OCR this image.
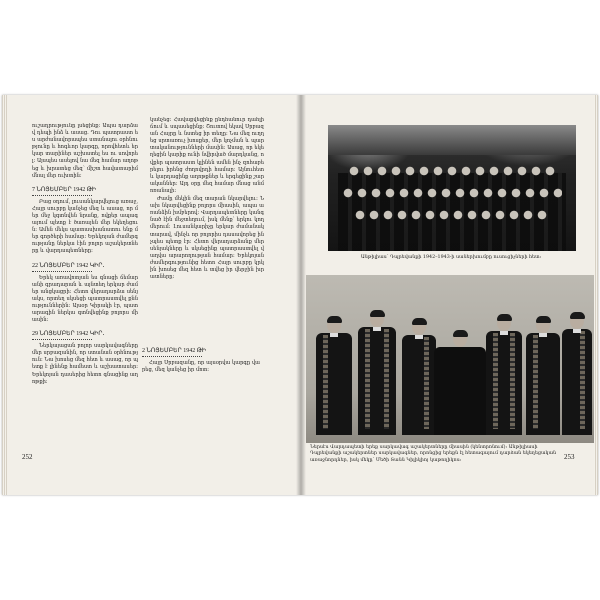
ուշադրությունը լսեցինք։ Ապա դարձավ դեպի ինձ և ասաց․ Դու պատրաստ ես արժանավորապես ստանալու օրհնությունը և հոգևոր կարգը, որովհետև երկար տարիներ աշխատել ես ու սովորել։ Այսպես ասելով նա մեզ համար աղոթեց և խրատեց մեզ՝ միշտ հավատարիմ մնալ մեր ուխտին։

7 ՆՈՅԵՄԲԵՐ 1942 ԹԻ

Բաց օդում, լուսանկարվելուց առաջ, Հայր սուրբը կանչեց մեզ և ասաց, որ մեր մեջ կգտնվեն նրանք, ովքեր ապագայում պետք է ծառայեն մեր եկեղեցուն։ Ամեն մեկս պատասխանատու ենք մեր գործերի համար։ Երեկոյան ժամերգությանը ներկա էին բոլոր աշակերտները և վարդապետները։

22 ՆՈՅԵՄԲԵՐ 1942 ԿԻՐ․

Երեկ առավոտյան ես գնացի ճեմարանի գրադարան և այնտեղ երկար ժամեր անցկացրի։ Հետո վերադարձա սենյակս, որտեղ սկսեցի պատրաստվել քննություններին։ Այսօր Կիրակի էր, պատարագին ներկա գտնվեցինք բոլորս միասին։

29 ՆՈՅԵՄԲԵՐ 1942 ԿԻՐ․

Ներկայացան բոլոր սարկավագները մեր սրբազանին, որ ստանան օրհնություն։ Նա խոսեց մեզ հետ և ասաց, որ պետք է լինենք համեստ և աշխատասեր։ Երեկոյան դասերից հետո գնացինք աղոթքի։

կանչեց։ Հավաքվեցինք ընդհանուր դահլիճում և սպասեցինք։ Շուտով եկավ Սրբազան Հայրը և նստեց իր տեղը։ Նա մեզ ուղղեց սրտառուչ խոսքեր, մեր կոչման և պարտականությունների մասին։ Ասաց, որ եկեղեցին կարիք ունի նվիրված մարդկանց, ովքեր պատրաստ կլինեն ամեն ինչ զոհաբերելու իրենց ժողովրդի համար։ Այնուհետև կարդացինք աղոթքներ և երգեցինք շարականներ։ Այդ օրը մեզ համար մնաց անմոռանալի։

Ժամը մեկին մեզ տարան նկարվելու։ Նախ նկարվեցինք բոլորս միասին, ապա առանձին խմբերով։ Վարդապետները կանգնած էին մեջտեղում, իսկ մենք՝ երկու կողմերում։ Լուսանկարիչը երկար ժամանակ տարավ, մինչև որ բոլորիս դասավորեց ինչպես պետք էր։ Հետո վերադարձանք մեր սենյակները և սկսեցինք պատրաստվել վաղվա արարողության համար։ Երեկոյան ժամերգությունից հետո Հայր սուրբը կրկին խոսեց մեզ հետ և տվեց իր վերջին խրատները։

252
Անթիլիաս՝ Դպրեվանքի 1942–1943-ի սաներխումբը ուսուցիչների հետ։
Ներսէս Վարդապետի երեք սարկավագ աշակերտները միասին (կենտրոնում)։ Անթիլիասի Դպրեվանքի աշակերտներ սարկավագներ, որոնցից երեքն էլ հետագայում դարձան եկեղեցական առաջնորդներ, իսկ մեկը՝ Մեծի Տանն Կիլիկիոյ կաթողիկոս։	253
2 ՆՈՅԵՄԲԵՐ 1942 ԹԻ

Հայր Սրբազանը, որ այսօրվա կարգը վարեց, մեզ կանչեց իր մոտ։
